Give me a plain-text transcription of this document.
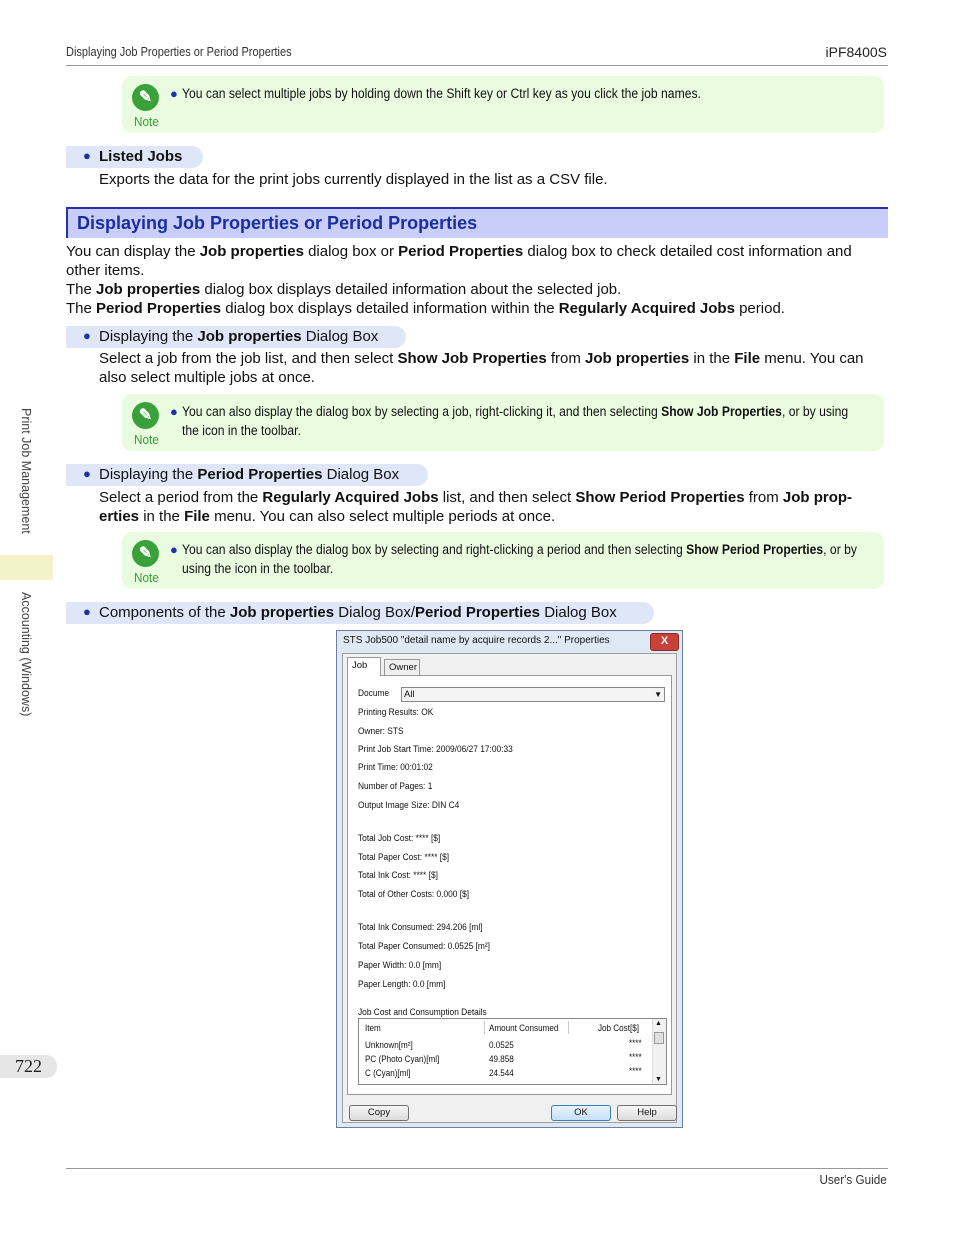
Displaying Job Properties or Period Properties	iPF8400S
User's Guide
Print Job Management
Accounting (Windows)
722
✎
Note
● You can select multiple jobs by holding down the Shift key or Ctrl key as you click the job names.
● Listed Jobs
Exports the data for the print jobs currently displayed in the list as a CSV file.
Displaying Job Properties or Period Properties
You can display the Job properties dialog box or Period Properties dialog box to check detailed cost information and other items.
The Job properties dialog box displays detailed information about the selected job.
The Period Properties dialog box displays detailed information within the Regularly Acquired Jobs period.
● Displaying the Job properties Dialog Box
Select a job from the job list, and then select Show Job Properties from Job properties in the File menu. You can also select multiple jobs at once.
✎
Note
● You can also display the dialog box by selecting a job, right-clicking it, and then selecting Show Job Properties, or by using the icon in the toolbar.
● Displaying the Period Properties Dialog Box
Select a period from the Regularly Acquired Jobs list, and then select Show Period Properties from Job prop-erties in the File menu. You can also select multiple periods at once.
✎
Note
● You can also display the dialog box by selecting and right-clicking a period and then selecting Show Period Properties, or by using the icon in the toolbar.
● Components of the Job properties Dialog Box/Period Properties Dialog Box
STS Job500 "detail name by acquire records 2..." Properties	X
Job	Owner
Docume	All	▼
Printing Results: OK
Owner: STS
Print Job Start Time: 2009/06/27 17:00:33
Print Time: 00:01:02
Number of Pages: 1
Output Image Size: DIN C4
Total Job Cost: **** [$]
Total Paper Cost: **** [$]
Total Ink Cost: **** [$]
Total of Other Costs: 0.000 [$]
Total Ink Consumed: 294.206 [ml]
Total Paper Consumed: 0.0525 [m²]
Paper Width: 0.0 [mm]
Paper Length: 0.0 [mm]
Job Cost and Consumption Details
Item	Amount Consumed	Job Cost[$]
Unknown[m²]	0.0525	****
PC (Photo Cyan)[ml]	49.858	****
C (Cyan)[ml]	24.544	****
▲
▼
Copy	OK	Help
